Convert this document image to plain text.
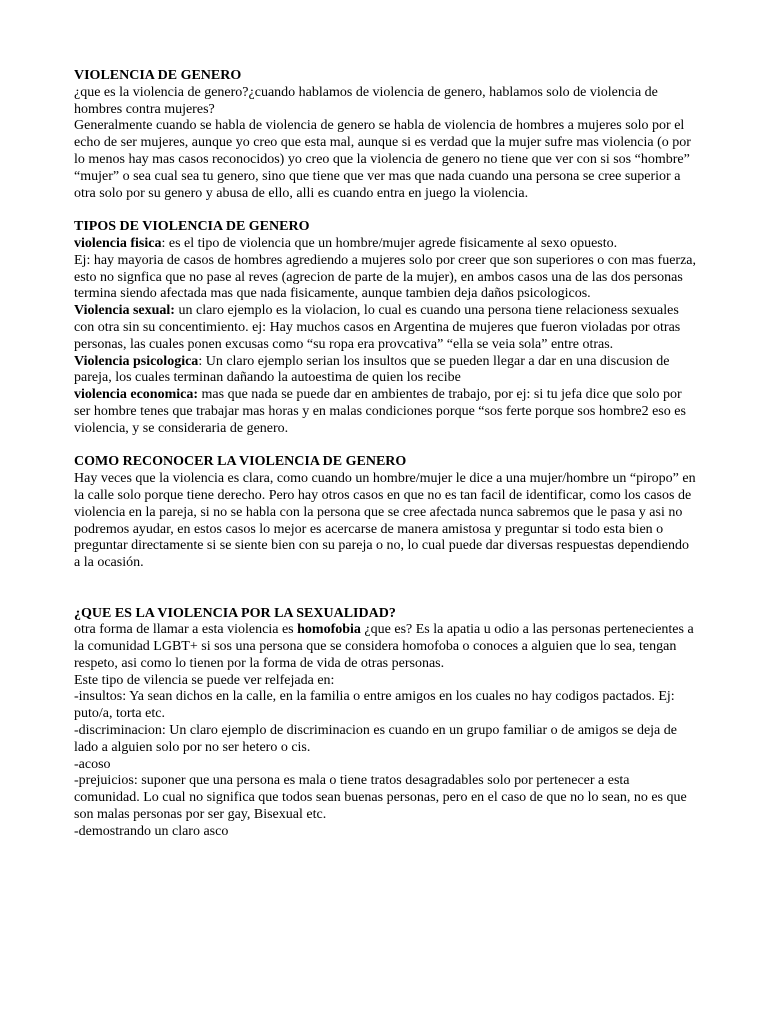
VIOLENCIA DE GENERO

¿que es la violencia de genero?¿cuando hablamos de violencia de genero, hablamos solo de violencia de hombres contra mujeres?

Generalmente cuando se habla de violencia de genero se habla de violencia de hombres a mujeres solo por el echo de ser mujeres, aunque yo creo que esta mal, aunque si es verdad que la mujer sufre mas violencia (o por lo menos hay mas casos reconocidos) yo creo que la violencia de genero no tiene que ver con si sos “hombre” “mujer” o sea cual sea tu genero, sino que tiene que ver mas que nada cuando una persona se cree superior a otra solo por su genero y abusa de ello, alli es cuando entra en juego la violencia.

TIPOS DE VIOLENCIA DE GENERO

violencia fisica: es el tipo de violencia que un hombre/mujer agrede fisicamente al sexo opuesto.

Ej: hay mayoria de casos de hombres agrediendo a mujeres solo por creer que son superiores o con mas fuerza, esto no signfica que no pase al reves (agrecion de parte de la mujer), en ambos casos una de las dos personas termina siendo afectada mas que nada fisicamente, aunque tambien deja daños psicologicos.

Violencia sexual: un claro ejemplo es la violacion, lo cual es cuando una persona tiene relacioness sexuales con otra sin su concentimiento. ej: Hay muchos casos en Argentina de mujeres que fueron violadas por otras personas, las cuales ponen excusas como “su ropa era provcativa” “ella se veia sola” entre otras.

Violencia psicologica: Un claro ejemplo serian los insultos que se pueden llegar a dar en una discusion de pareja, los cuales terminan dañando la autoestima de quien los recibe

violencia economica: mas que nada se puede dar en ambientes de trabajo, por ej: si tu jefa dice que solo por ser hombre tenes que trabajar mas horas y en malas condiciones porque “sos ferte porque sos hombre2 eso es violencia, y se consideraria de genero.

COMO RECONOCER LA VIOLENCIA DE GENERO

Hay veces que la violencia es clara, como cuando un hombre/mujer le dice a una mujer/hombre un “piropo” en la calle solo porque tiene derecho. Pero hay otros casos en que no es tan facil de identificar, como los casos de violencia en la pareja, si no se habla con la persona que se cree afectada nunca sabremos que le pasa y asi no podremos ayudar, en estos casos lo mejor es acercarse de manera amistosa y preguntar si todo esta bien o preguntar directamente si se siente bien con su pareja o no, lo cual puede dar diversas respuestas dependiendo a la ocasión.

¿QUE ES LA VIOLENCIA POR LA SEXUALIDAD?

otra forma de llamar a esta violencia es homofobia ¿que es? Es la apatia u odio a las personas pertenecientes a la comunidad LGBT+ si sos una persona que se considera homofoba o conoces a alguien que lo sea, tengan respeto, asi como lo tienen por la forma de vida de otras personas.

Este tipo de vilencia se puede ver relfejada en:

-insultos: Ya sean dichos en la calle, en la familia o entre amigos en los cuales no hay codigos pactados. Ej: puto/a, torta etc.

-discriminacion: Un claro ejemplo de discriminacion es cuando en un grupo familiar o de amigos se deja de lado a alguien solo por no ser hetero o cis.

-acoso

-prejuicios: suponer que una persona es mala o tiene tratos desagradables solo por pertenecer a esta comunidad. Lo cual no significa que todos sean buenas personas, pero en el caso de que no lo sean, no es que son malas personas por ser gay, Bisexual etc.

-demostrando un claro asco
